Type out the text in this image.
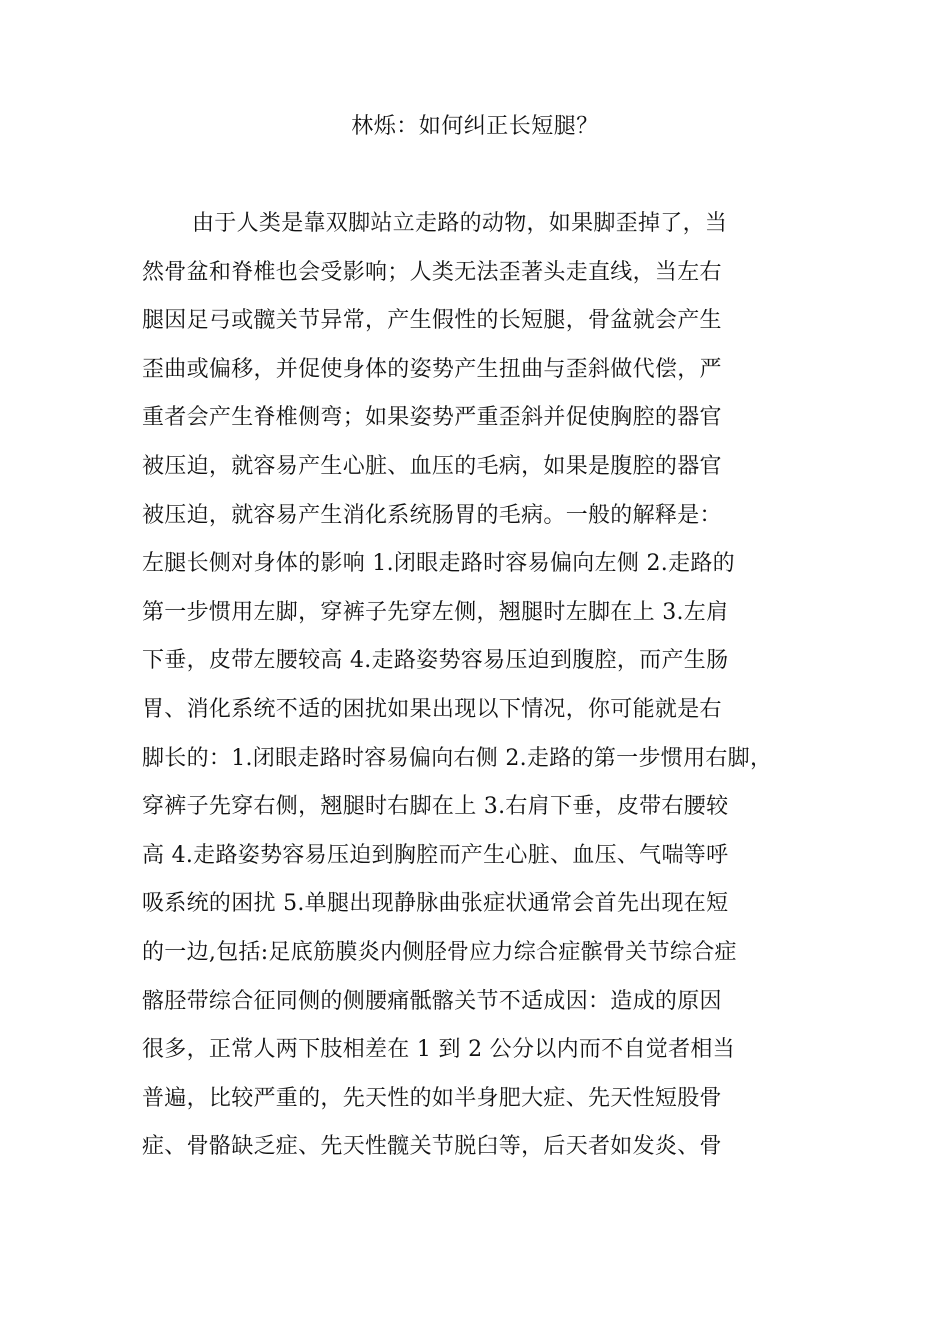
林烁：如何纠正长短腿？
由于人类是靠双脚站立走路的动物，如果脚歪掉了，当
然骨盆和脊椎也会受影响；人类无法歪著头走直线，当左右
腿因足弓或髋关节异常，产生假性的长短腿，骨盆就会产生
歪曲或偏移，并促使身体的姿势产生扭曲与歪斜做代偿，严
重者会产生脊椎侧弯；如果姿势严重歪斜并促使胸腔的器官
被压迫，就容易产生心脏、血压的毛病，如果是腹腔的器官
被压迫，就容易产生消化系统肠胃的毛病。一般的解释是：
左腿长侧对身体的影响 1.闭眼走路时容易偏向左侧 2.走路的
第一步惯用左脚，穿裤子先穿左侧，翘腿时左脚在上 3.左肩
下垂，皮带左腰较高 4.走路姿势容易压迫到腹腔，而产生肠
胃、消化系统不适的困扰如果出现以下情况，你可能就是右
脚长的：1.闭眼走路时容易偏向右侧 2.走路的第一步惯用右脚，
穿裤子先穿右侧，翘腿时右脚在上 3.右肩下垂，皮带右腰较
高 4.走路姿势容易压迫到胸腔而产生心脏、血压、气喘等呼
吸系统的困扰 5.单腿出现静脉曲张症状通常会首先出现在短
的一边,包括:足底筋膜炎内侧胫骨应力综合症髌骨关节综合症
髂胫带综合征同侧的侧腰痛骶髂关节不适成因：造成的原因
很多，正常人两下肢相差在 1 到 2 公分以内而不自觉者相当
普遍，比较严重的，先天性的如半身肥大症、先天性短股骨
症、骨骼缺乏症、先天性髋关节脱臼等，后天者如发炎、骨
